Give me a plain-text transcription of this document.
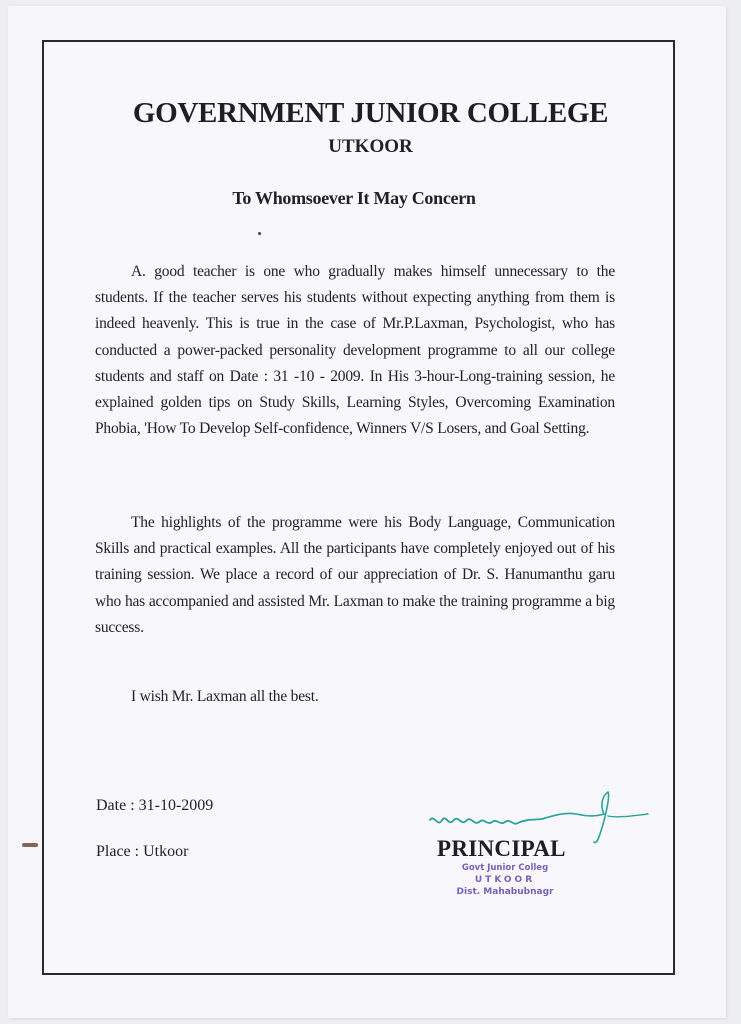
GOVERNMENT JUNIOR COLLEGE
UTKOOR
To Whomsoever It May Concern
A. good teacher is one who gradually makes himself unnecessary to the students. If the teacher serves his students without expecting anything from them is indeed heavenly. This is true in the case of Mr.P.Laxman, Psychologist, who has conducted a power-packed personality development programme to all our college students and staff on Date : 31 -10 - 2009. In His 3-hour-Long-training session, he explained golden tips on Study Skills, Learning Styles, Overcoming Examination Phobia, 'How To Develop Self-confidence, Winners V/S Losers, and Goal Setting.
The highlights of the programme were his Body Language, Communication Skills and practical examples. All the participants have completely enjoyed out of his training session. We place a record of our appreciation of Dr. S. Hanumanthu garu who has accompanied and assisted Mr. Laxman to make the training programme a big success.
I wish Mr. Laxman all the best.
Date : 31-10-2009
Place : Utkoor	PRINCIPAL
Govt Junior Colleg
UTKOOR
Dist. Mahabubnagr
